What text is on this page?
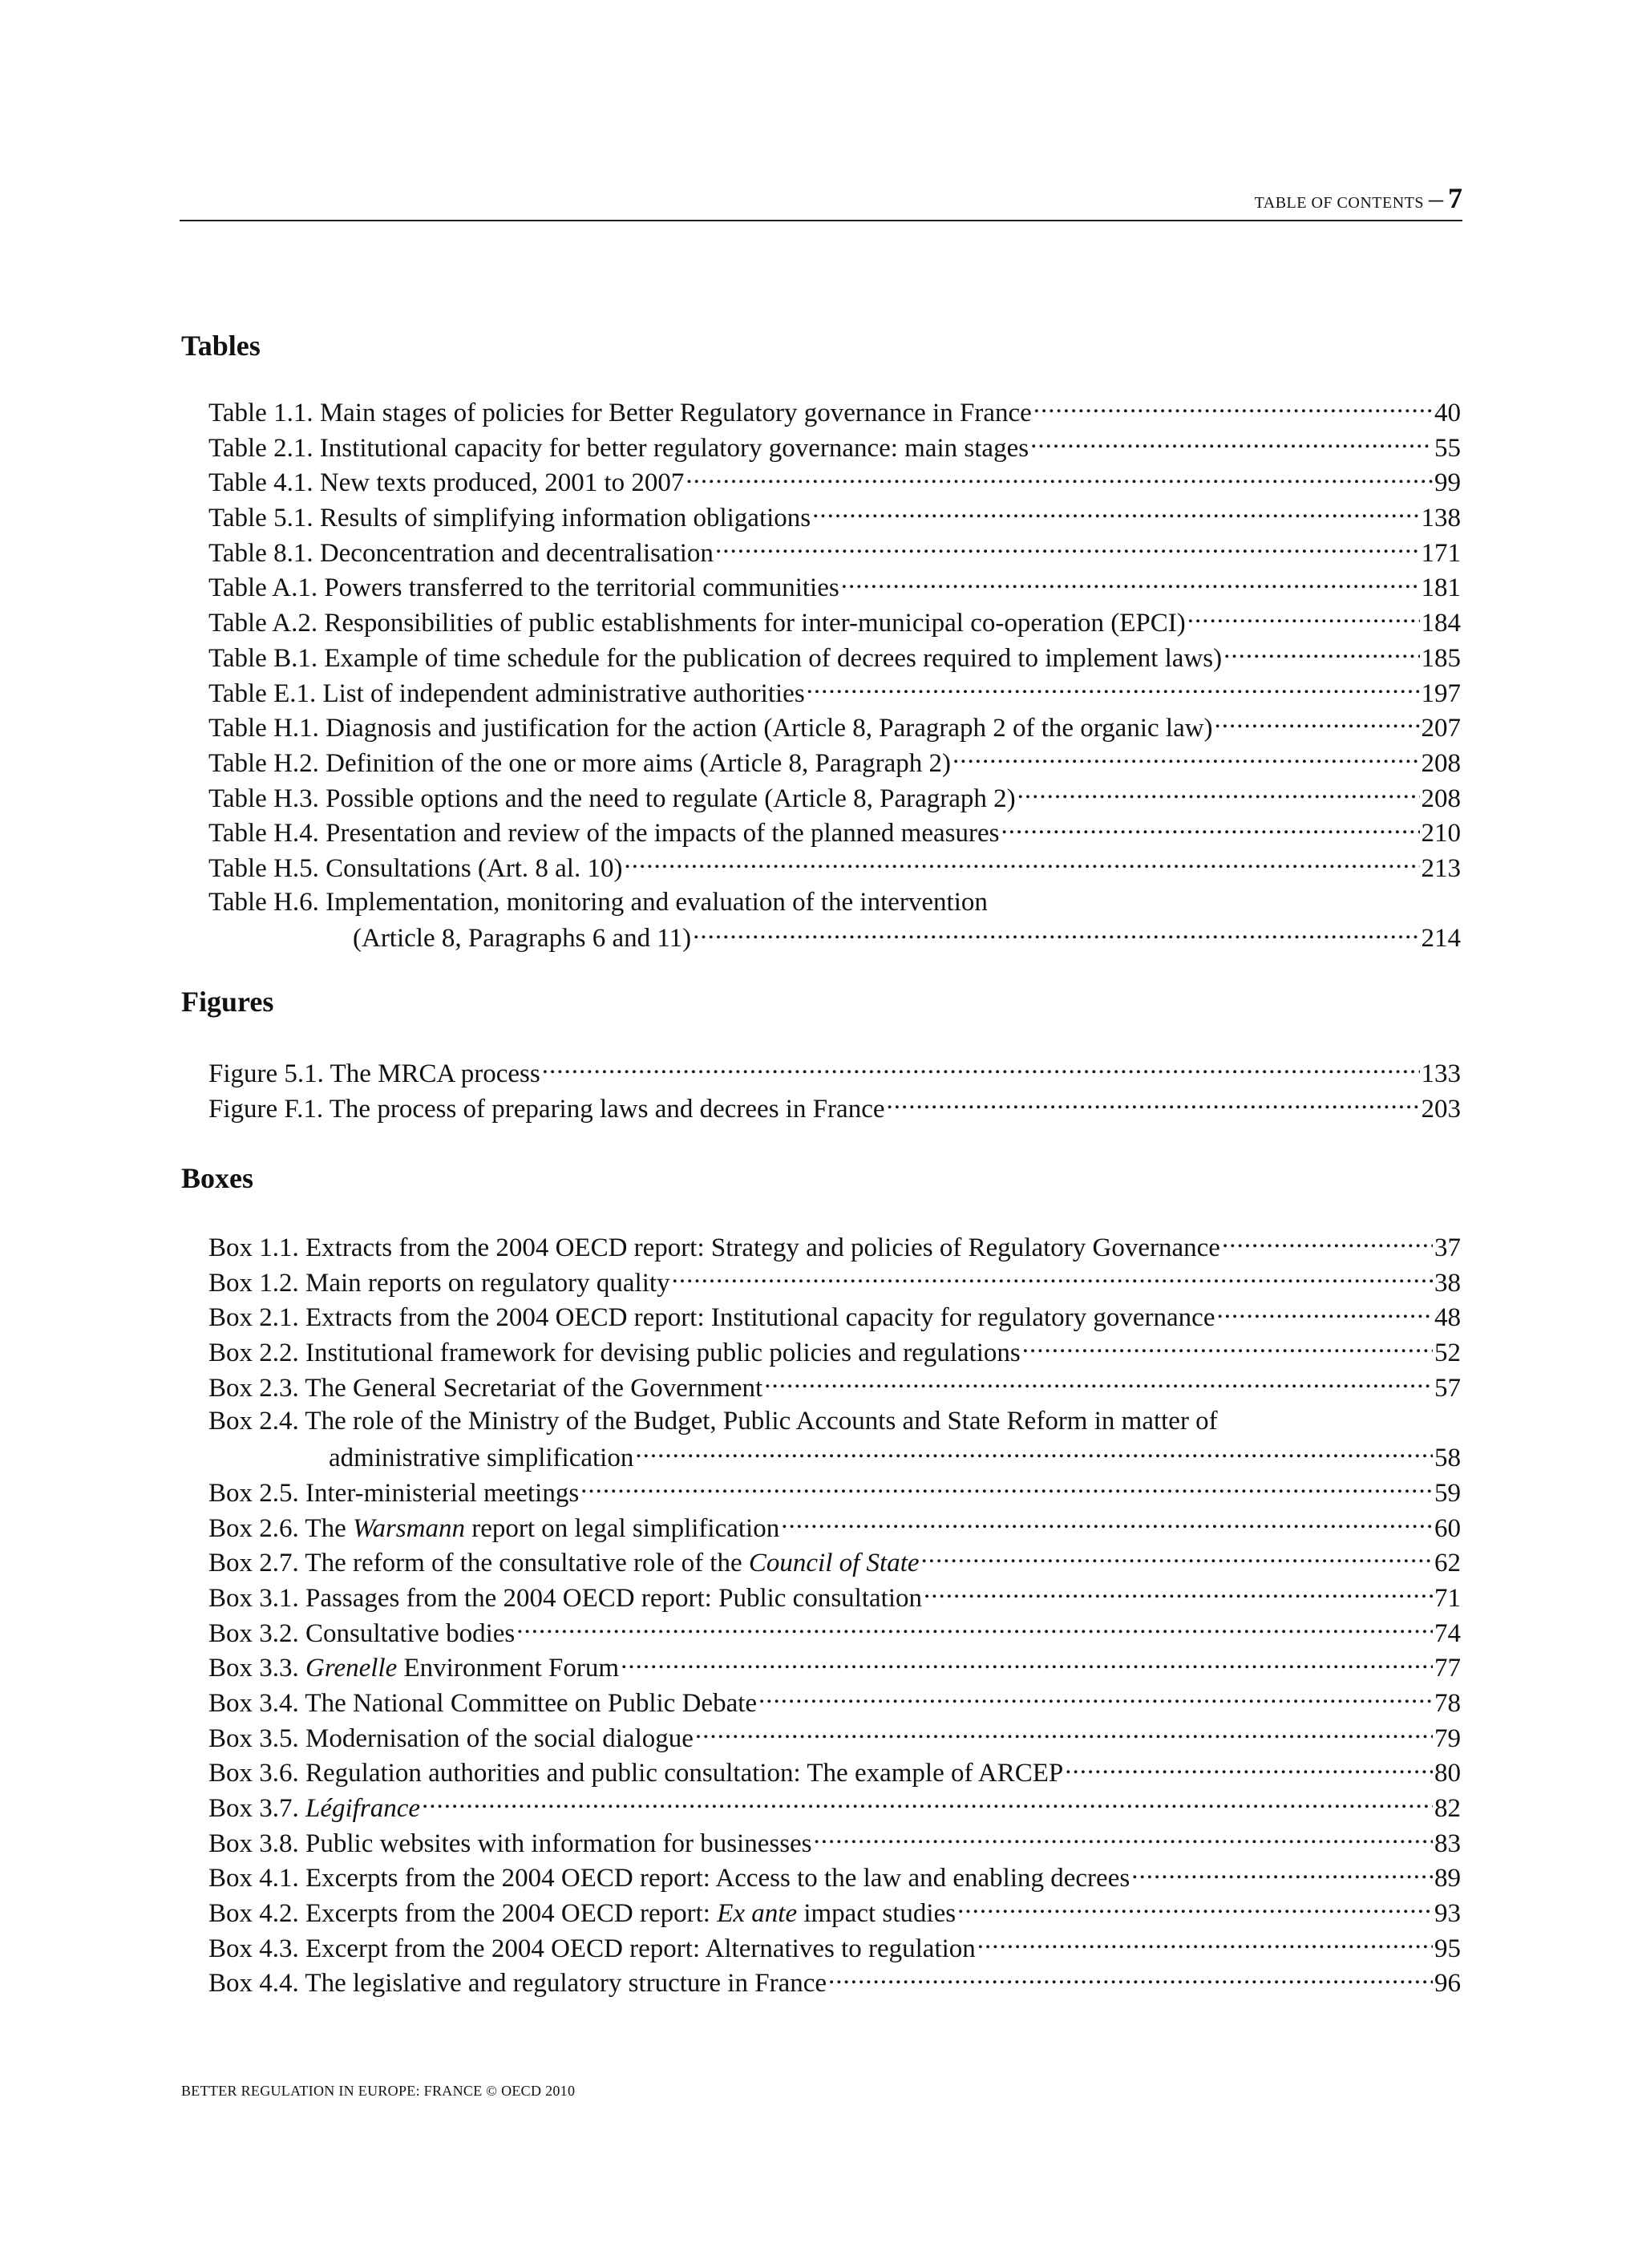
TABLE OF CONTENTS – 7
Tables
Table 1.1. Main stages of policies for Better Regulatory governance in France .....	40
Table 2.1. Institutional capacity for better regulatory governance: main stages .....	55
Table 4.1. New texts produced, 2001 to 2007 .....	99
Table 5.1. Results of simplifying information obligations .....	138
Table 8.1. Deconcentration and decentralisation .....	171
Table A.1. Powers transferred to the territorial communities .....	181
Table A.2. Responsibilities of public establishments for inter-municipal co-operation (EPCI) .....	184
Table B.1. Example of time schedule for the publication of decrees required to implement laws) .....	185
Table E.1. List of independent administrative authorities .....	197
Table H.1. Diagnosis and justification for the action (Article 8, Paragraph 2 of the organic law) .....	207
Table H.2. Definition of the one or more aims (Article 8, Paragraph 2) .....	208
Table H.3. Possible options and the need to regulate (Article 8, Paragraph 2) .....	208
Table H.4. Presentation and review of the impacts of the planned measures .....	210
Table H.5. Consultations (Art. 8 al. 10) .....	213
Table H.6. Implementation, monitoring and evaluation of the intervention
(Article 8, Paragraphs 6 and 11) .....	214
Figures
Figure 5.1. The MRCA process .....	133
Figure F.1. The process of preparing laws and decrees in France .....	203
Boxes
Box 1.1. Extracts from the 2004 OECD report: Strategy and policies of Regulatory Governance .....	37
Box 1.2. Main reports on regulatory quality .....	38
Box 2.1. Extracts from the 2004 OECD report: Institutional capacity for regulatory governance .....	48
Box 2.2. Institutional framework for devising public policies and regulations .....	52
Box 2.3. The General Secretariat of the Government .....	57
Box 2.4. The role of the Ministry of the Budget, Public Accounts and State Reform in matter of
administrative simplification .....	58
Box 2.5. Inter-ministerial meetings .....	59
Box 2.6. The Warsmann report on legal simplification .....	60
Box 2.7. The reform of the consultative role of the Council of State .....	62
Box 3.1. Passages from the 2004 OECD report: Public consultation .....	71
Box 3.2. Consultative bodies .....	74
Box 3.3. Grenelle Environment Forum .....	77
Box 3.4. The National Committee on Public Debate .....	78
Box 3.5. Modernisation of the social dialogue .....	79
Box 3.6. Regulation authorities and public consultation: The example of ARCEP .....	80
Box 3.7. Légifrance .....	82
Box 3.8. Public websites with information for businesses .....	83
Box 4.1. Excerpts from the 2004 OECD report: Access to the law and enabling decrees .....	89
Box 4.2. Excerpts from the 2004 OECD report: Ex ante impact studies .....	93
Box 4.3. Excerpt from the 2004 OECD report: Alternatives to regulation .....	95
Box 4.4. The legislative and regulatory structure in France .....	96
BETTER REGULATION IN EUROPE: FRANCE © OECD 2010
